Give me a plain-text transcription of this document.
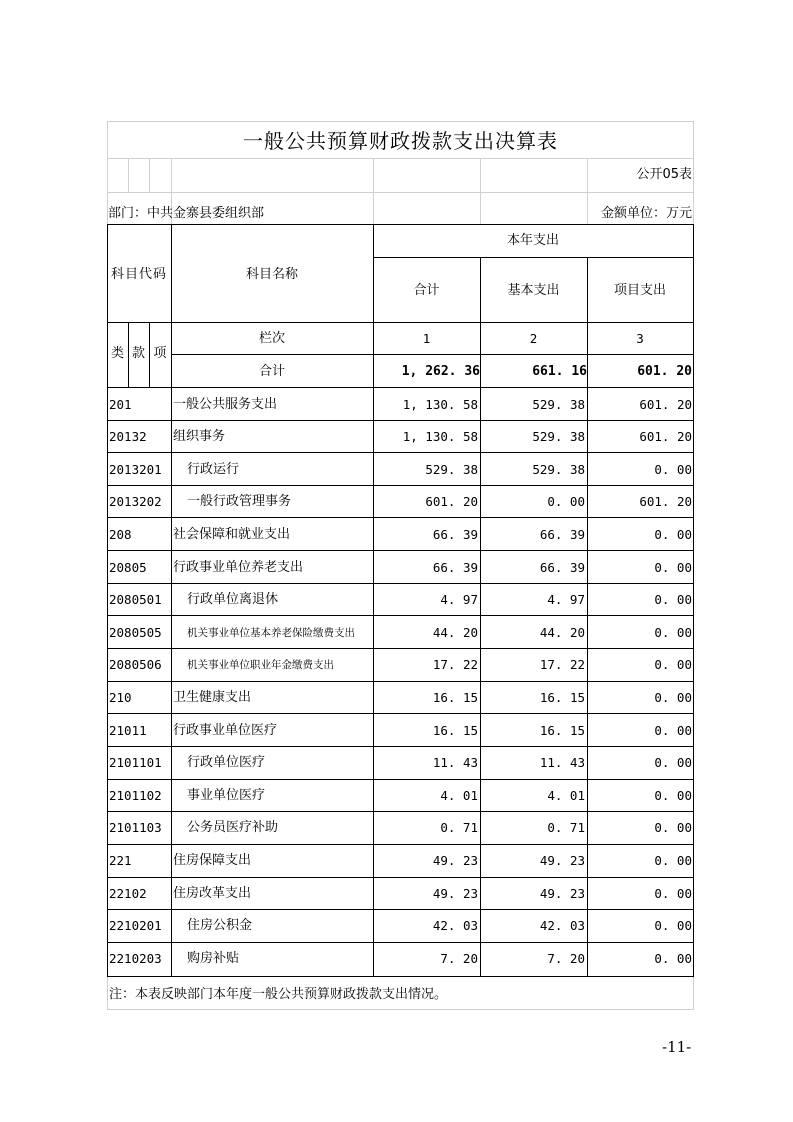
一般公共预算财政拨款支出决算表
公开05表
部门：中共金寨县委组织部	金额单位：万元
科目代码	科目名称
本年支出
合计	基本支出	项目支出
类 款 项
栏次	1	2	3
合计	1, 262. 36	661. 16	601. 20
201	一般公共服务支出	1, 130. 58	529. 38	601. 20
20132 组织事务	1, 130. 58	529. 38	601. 20
2013201 行政运行	529. 38	529. 38	0. 00
2013202 一般行政管理事务	601. 20	0. 00	601. 20
208	社会保障和就业支出	66. 39	66. 39	0. 00
20805 行政事业单位养老支出	66. 39	66. 39	0. 00
2080501 行政单位离退休	4. 97	4. 97	0. 00
2080505 机关事业单位基本养老保险缴费支出	44. 20	44. 20	0. 00
2080506 机关事业单位职业年金缴费支出	17. 22	17. 22	0. 00
210	卫生健康支出	16. 15	16. 15	0. 00
21011 行政事业单位医疗	16. 15	16. 15	0. 00
2101101 行政单位医疗	11. 43	11. 43	0. 00
2101102 事业单位医疗	4. 01	4. 01	0. 00
2101103 公务员医疗补助	0. 71	0. 71	0. 00
221	住房保障支出	49. 23	49. 23	0. 00
22102 住房改革支出	49. 23	49. 23	0. 00
2210201 住房公积金	42. 03	42. 03	0. 00
2210203 购房补贴	7. 20	7. 20	0. 00
注：本表反映部门本年度一般公共预算财政拨款支出情况。
-11-
